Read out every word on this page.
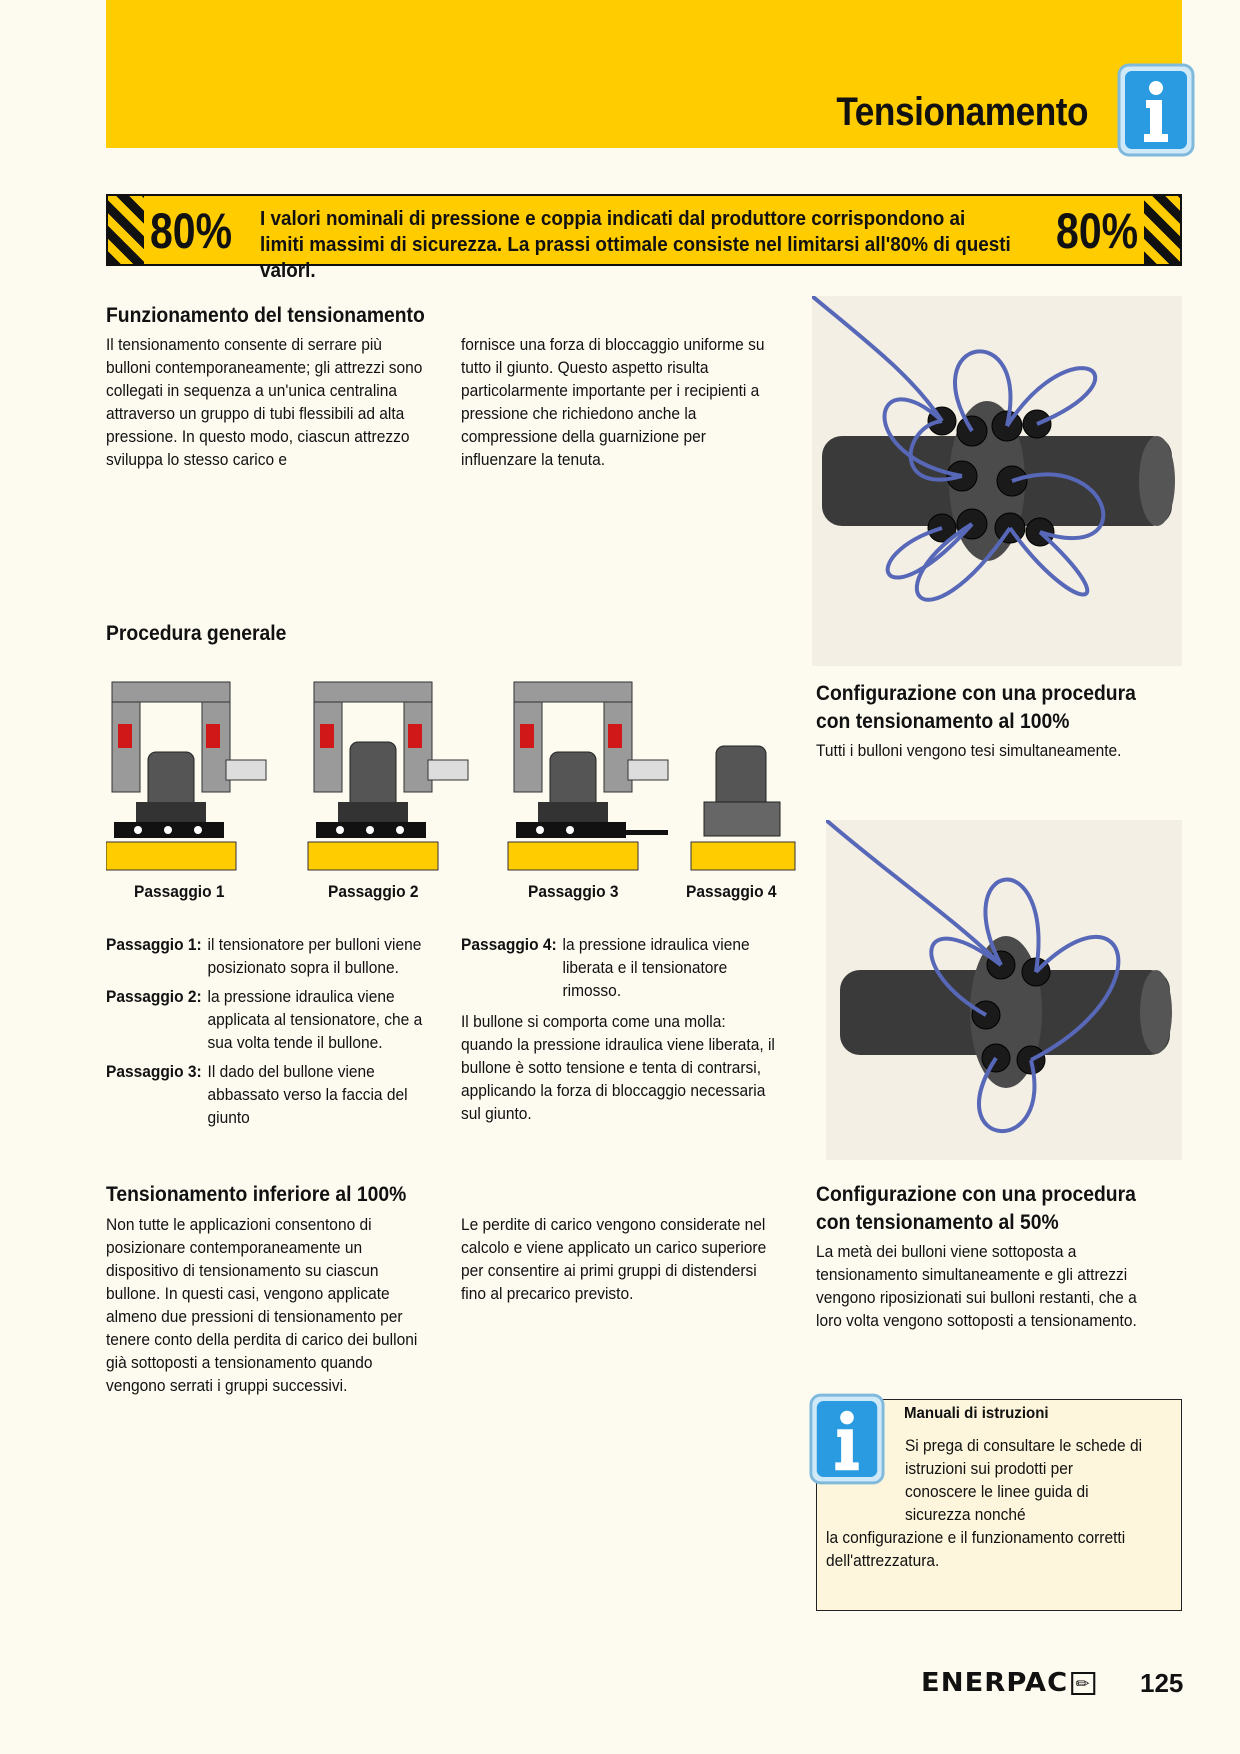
Tensionamento
80% I valori nominali di pressione e coppia indicati dal produttore corrispondono ai limiti massimi di sicurezza. La prassi ottimale consiste nel limitarsi all'80% di questi valori.
80%
Funzionamento del tensionamento
Il tensionamento consente di serrare più bulloni contemporaneamente; gli attrezzi sono collegati in sequenza a un'unica centralina attraverso un gruppo di tubi flessibili ad alta pressione. In questo modo, ciascun attrezzo sviluppa lo stesso carico e
fornisce una forza di bloccaggio uniforme su tutto il giunto. Questo aspetto risulta particolarmente importante per i recipienti a pressione che richiedono anche la compressione della guarnizione per influenzare la tenuta.
Procedura generale
Passaggio 1	Passaggio 2	Passaggio 3	Passaggio 4
Configurazione con una procedura con tensionamento al 100%
Tutti i bulloni vengono tesi simultaneamente.
Passaggio 1: il tensionatore per bulloni viene posizionato sopra il bullone.
Passaggio 2: la pressione idraulica viene applicata al tensionatore, che a sua volta tende il bullone.
Passaggio 3: Il dado del bullone viene abbassato verso la faccia del giunto
Passaggio 4: la pressione idraulica viene liberata e il tensionatore rimosso.
Il bullone si comporta come una molla: quando la pressione idraulica viene liberata, il bullone è sotto tensione e tenta di contrarsi, applicando la forza di bloccaggio necessaria sul giunto.
Tensionamento inferiore al 100%
Non tutte le applicazioni consentono di posizionare contemporaneamente un dispositivo di tensionamento su ciascun bullone. In questi casi, vengono applicate almeno due pressioni di tensionamento per tenere conto della perdita di carico dei bulloni già sottoposti a tensionamento quando vengono serrati i gruppi successivi.
Le perdite di carico vengono considerate nel calcolo e viene applicato un carico superiore per consentire ai primi gruppi di distendersi fino al precarico previsto.
Configurazione con una procedura con tensionamento al 50%
La metà dei bulloni viene sottoposta a tensionamento simultaneamente e gli attrezzi vengono riposizionati sui bulloni restanti, che a loro volta vengono sottoposti a tensionamento.
Manuali di istruzioni
Si prega di consultare le schede di istruzioni sui prodotti per conoscere le linee guida di sicurezza nonché
la configurazione e il funzionamento corretti dell'attrezzatura.
ENERPAC ✏ 125
